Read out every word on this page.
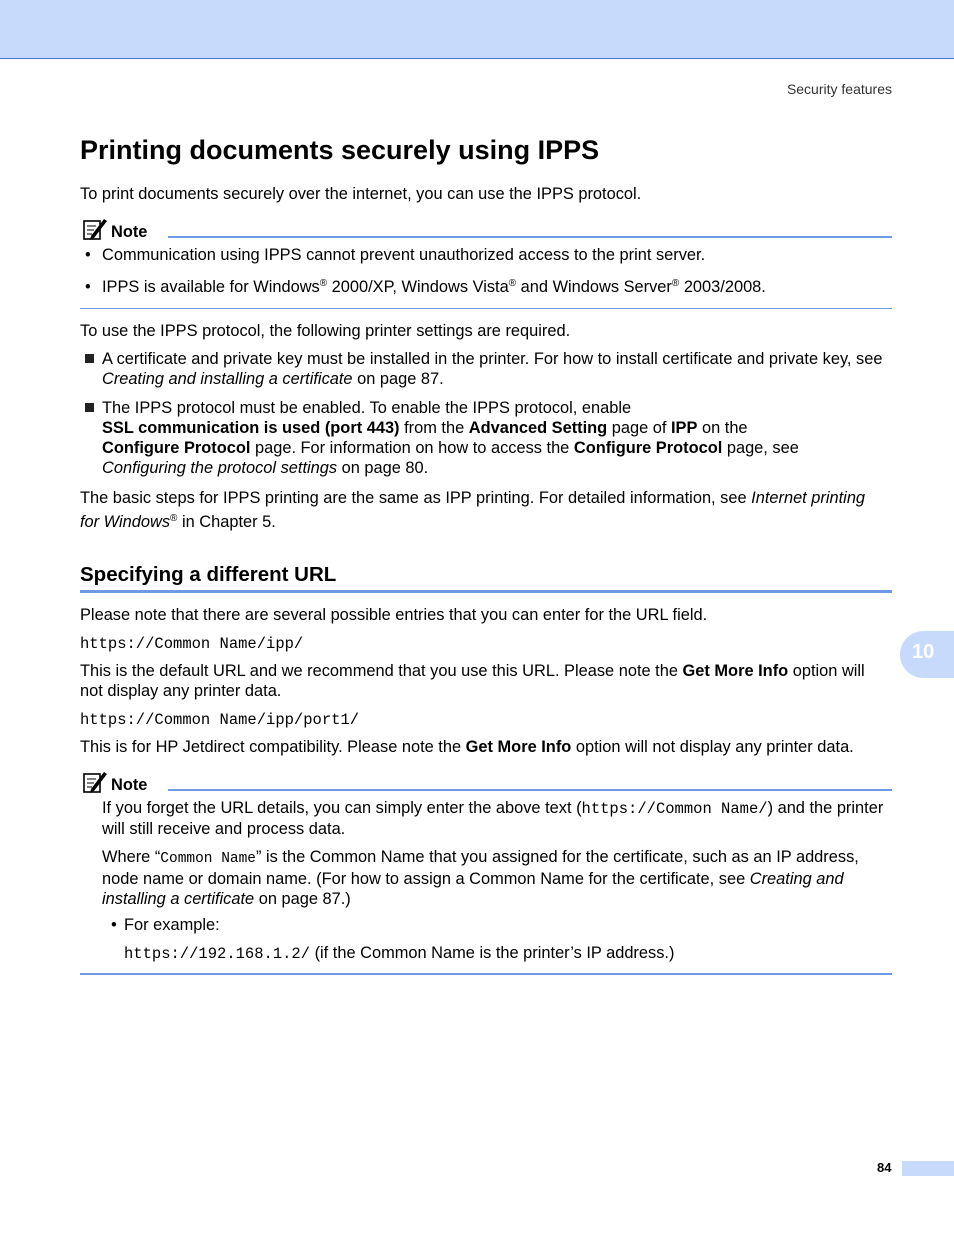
Security features
Printing documents securely using IPPS

To print documents securely over the internet, you can use the IPPS protocol.

Note
• Communication using IPPS cannot prevent unauthorized access to the print server.
• IPPS is available for Windows® 2000/XP, Windows Vista® and Windows Server® 2003/2008.

To use the IPPS protocol, the following printer settings are required.

A certificate and private key must be installed in the printer. For how to install certificate and private key, see Creating and installing a certificate on page 87.
The IPPS protocol must be enabled. To enable the IPPS protocol, enable
SSL communication is used (port 443) from the Advanced Setting page of IPP on the
Configure Protocol page. For information on how to access the Configure Protocol page, see
Configuring the protocol settings on page 80.

The basic steps for IPPS printing are the same as IPP printing. For detailed information, see Internet printing
for Windows® in Chapter 5.

Specifying a different URL

Please note that there are several possible entries that you can enter for the URL field.

https://Common Name/ipp/

This is the default URL and we recommend that you use this URL. Please note the Get More Info option will not display any printer data.

https://Common Name/ipp/port1/

This is for HP Jetdirect compatibility. Please note the Get More Info option will not display any printer data.

Note

If you forget the URL details, you can simply enter the above text (https://Common Name/) and the printer will still receive and process data.

Where “Common Name” is the Common Name that you assigned for the certificate, such as an IP address, node name or domain name. (For how to assign a Common Name for the certificate, see Creating and installing a certificate on page 87.)

• For example:

https://192.168.1.2/ (if the Common Name is the printer’s IP address.)

10
84
